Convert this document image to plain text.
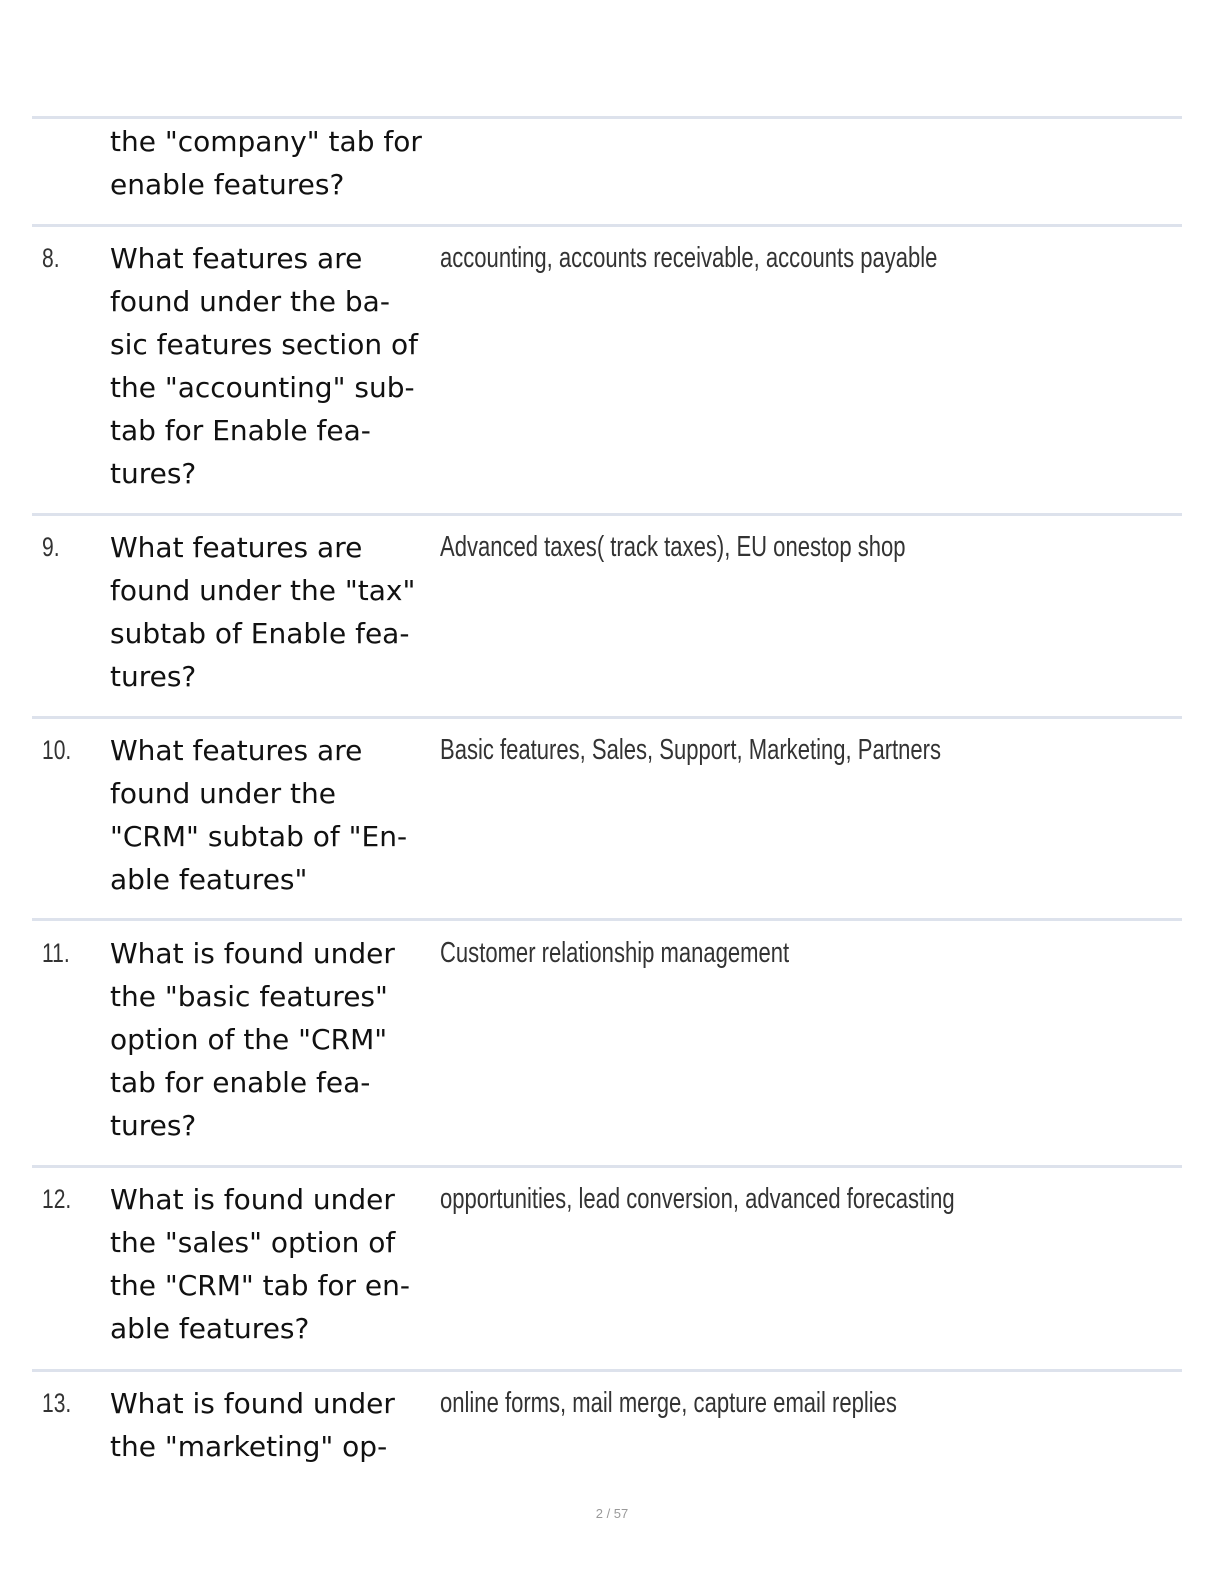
the "company" tab for
enable features?
8. What features are
found under the ba-
sic features section of
the "accounting" sub-
tab for Enable fea-
tures?
accounting, accounts receivable, accounts payable
9. What features are
found under the "tax"
subtab of Enable fea-
tures?
Advanced taxes( track taxes), EU onestop shop
10. What features are
found under the
"CRM" subtab of "En-
able features"
Basic features, Sales, Support, Marketing, Partners
11. What is found under
the "basic features"
option of the "CRM"
tab for enable fea-
tures?
Customer relationship management
12. What is found under
the "sales" option of
the "CRM" tab for en-
able features?
opportunities, lead conversion, advanced forecasting
13. What is found under
the "marketing" op-
online forms, mail merge, capture email replies
2 / 57
